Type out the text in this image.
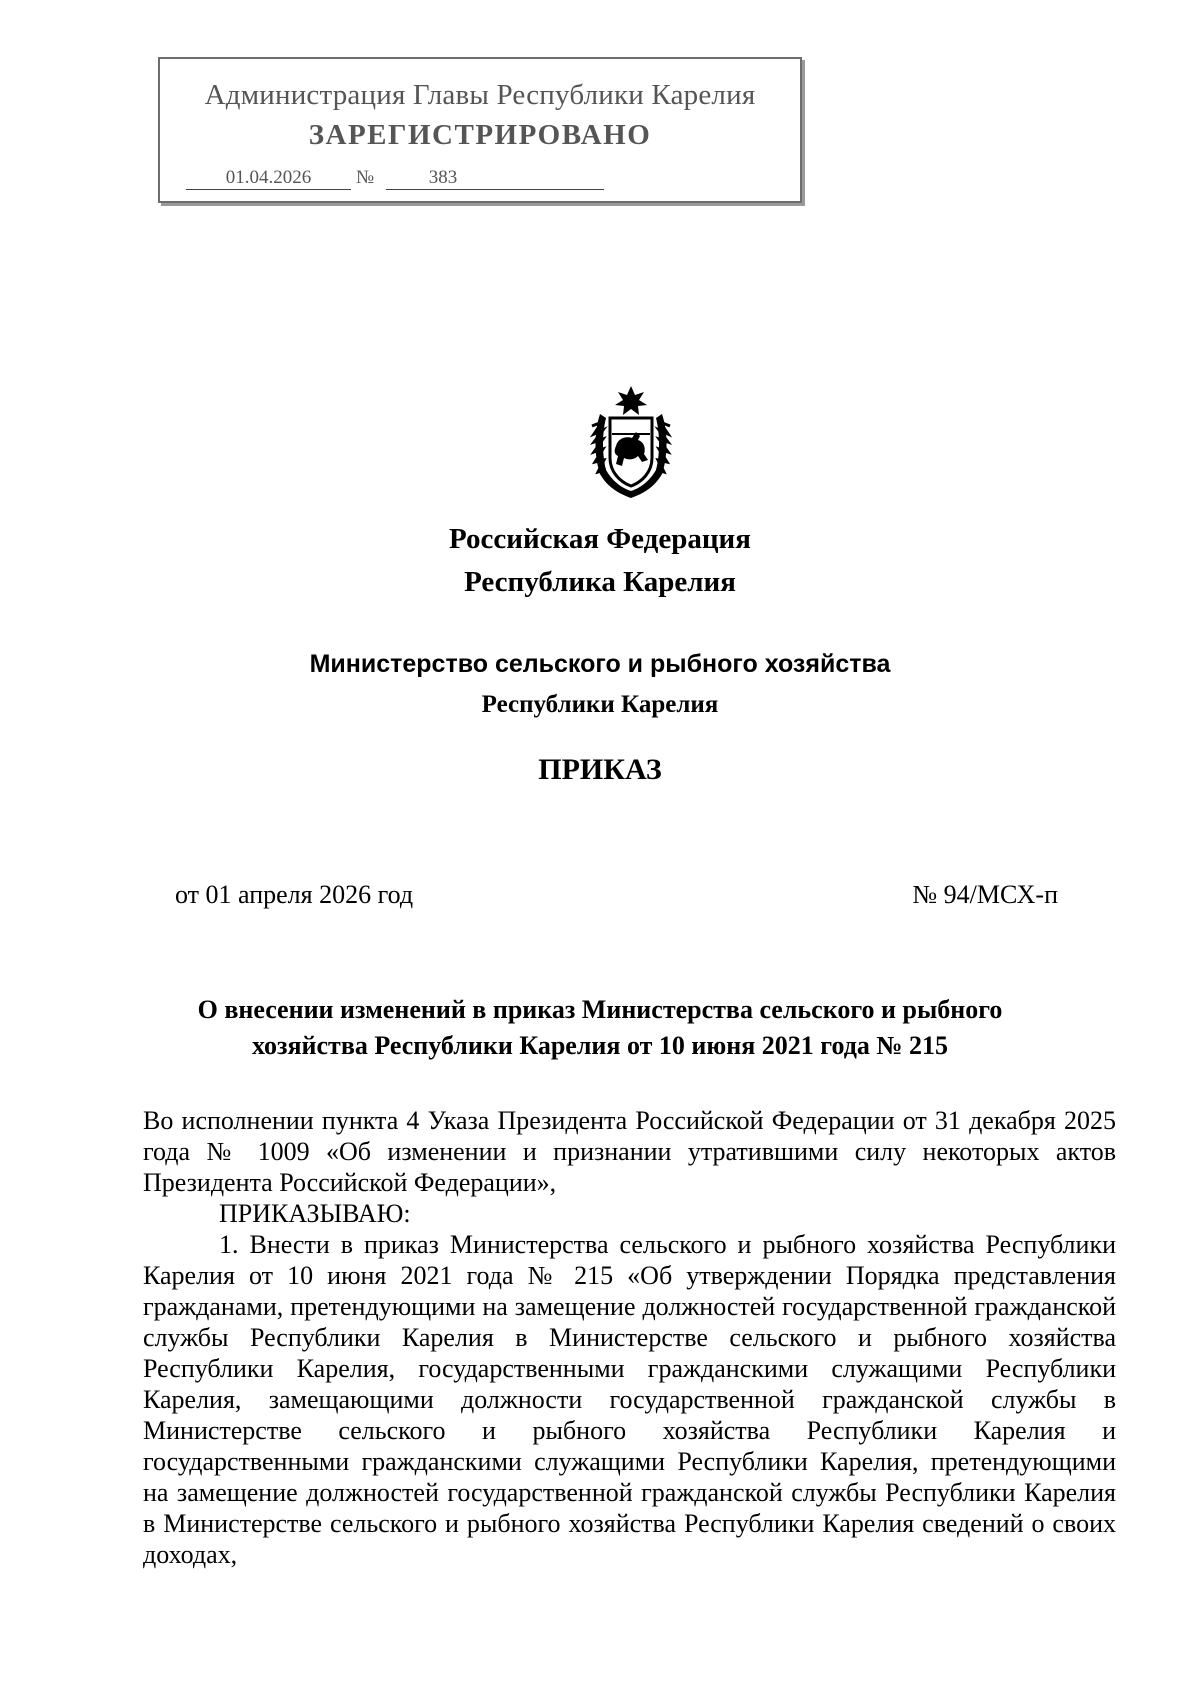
Администрация Главы Республики Карелия
ЗАРЕГИСТРИРОВАНО
01.04.2026	№	383
Российская Федерация
Республика Карелия
Министерство сельского и рыбного хозяйства
Республики Карелия
ПРИКАЗ
от 01 апреля 2026 год	№ 94/МСХ-п
О внесении изменений в приказ Министерства сельского и рыбного
хозяйства Республики Карелия от 10 июня 2021 года № 215

Во исполнении пункта 4 Указа Президента Российской Федерации от 31 декабря 2025 года № 1009 «Об изменении и признании утратившими силу некоторых актов Президента Российской Федерации»,

ПРИКАЗЫВАЮ:

1. Внести в приказ Министерства сельского и рыбного хозяйства Республики Карелия от 10 июня 2021 года № 215 «Об утверждении Порядка представления гражданами, претендующими на замещение должностей государственной гражданской службы Республики Карелия в Министерстве сельского и рыбного хозяйства Республики Карелия, государственными гражданскими служащими Республики Карелия, замещающими должности государственной гражданской службы в Министерстве сельского и рыбного хозяйства Республики Карелия и государственными гражданскими служащими Республики Карелия, претендующими на замещение должностей государственной гражданской службы Республики Карелия в Министерстве сельского и рыбного хозяйства Республики Карелия сведений о своих доходах,
